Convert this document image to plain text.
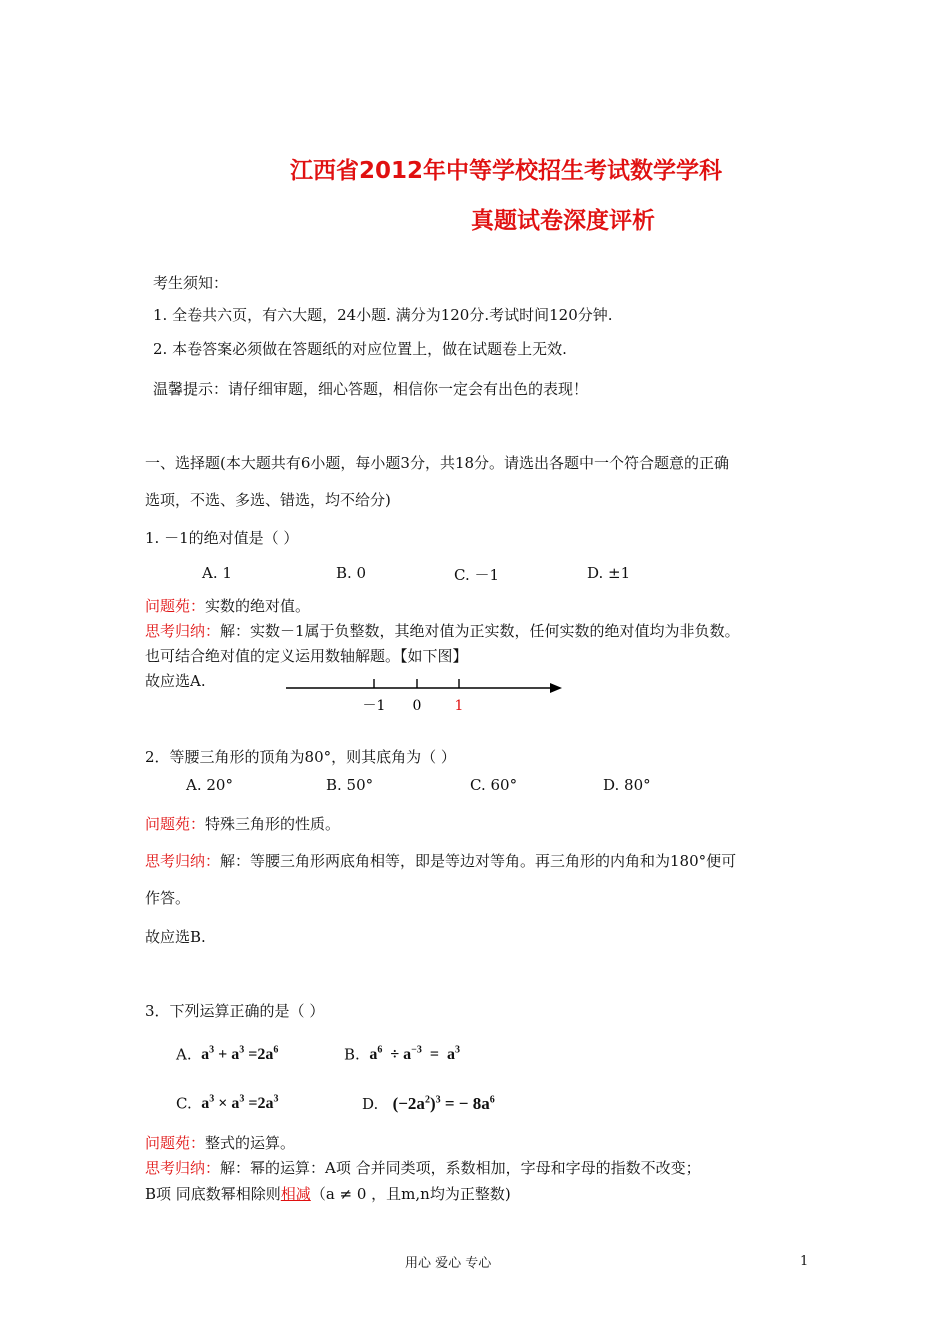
江西省2012年中等学校招生考试数学学科
真题试卷深度评析
考生须知：
1. 全卷共六页，有六大题，24小题. 满分为120分.考试时间120分钟.
2. 本卷答案必须做在答题纸的对应位置上，做在试题卷上无效.
温馨提示：请仔细审题，细心答题，相信你一定会有出色的表现！
一、选择题(本大题共有6小题，每小题3分，共18分。请选出各题中一个符合题意的正确
选项，不选、多选、错选，均不给分)
1. －1的绝对值是（ ）
A. 1	B. 0	C. －1	D. ±1
问题苑：实数的绝对值。
思考归纳：解：实数－1属于负整数，其绝对值为正实数，任何实数的绝对值均为非负数。
也可结合绝对值的定义运用数轴解题。【如下图】
故应选A.
－1 0 1
2．等腰三角形的顶角为80°，则其底角为（ ）
A. 20°	B. 50°	C. 60°	D. 80°
问题苑：特殊三角形的性质。
思考归纳：解：等腰三角形两底角相等，即是等边对等角。再三角形的内角和为180°便可
作答。
故应选B.
3．下列运算正确的是（ ）
A. $a^3 + a^3 =2a^6$	B. $a^6 \div a^{-3} = a^3$
C. $a^3 \times a^3 =2a^3$	D. $(-2a^2)^3$ = − $8a^6$
问题苑：整式的运算。
思考归纳：解：幂的运算：A项 合并同类项，系数相加，字母和字母的指数不改变；
B项 同底数幂相除则相减（a ≠ 0 ，且m,n均为正整数)
用心 爱心 专心	1
